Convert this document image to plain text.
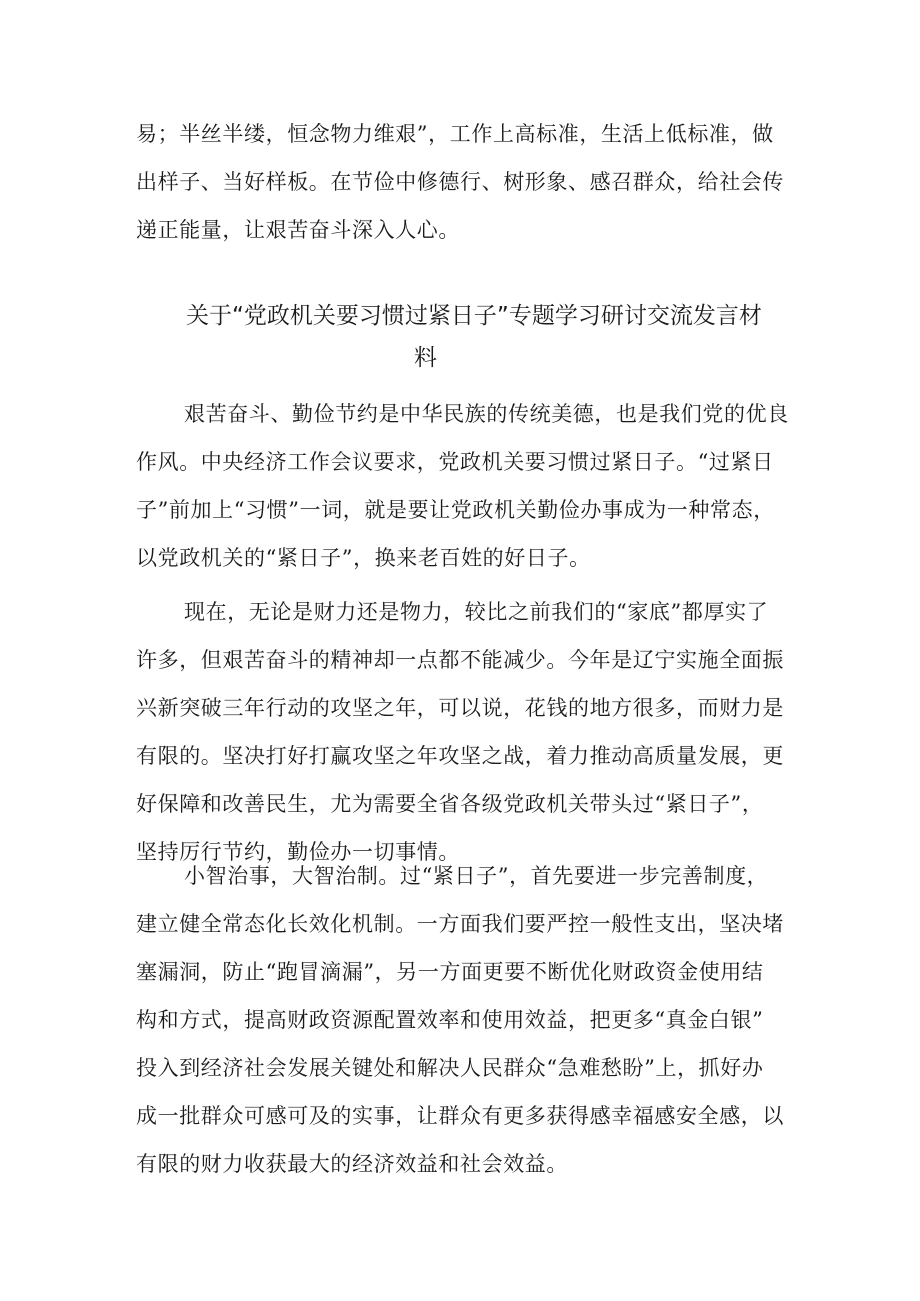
易；半丝半缕，恒念物力维艰”，工作上高标准，生活上低标准，做

出样子、当好样板。在节俭中修德行、树形象、感召群众，给社会传

递正能量，让艰苦奋斗深入人心。

关于“党政机关要习惯过紧日子”专题学习研讨交流发言材

料

艰苦奋斗、勤俭节约是中华民族的传统美德，也是我们党的优良

作风。中央经济工作会议要求，党政机关要习惯过紧日子。“过紧日

子”前加上“习惯”一词，就是要让党政机关勤俭办事成为一种常态，

以党政机关的“紧日子”，换来老百姓的好日子。

现在，无论是财力还是物力，较比之前我们的“家底”都厚实了

许多，但艰苦奋斗的精神却一点都不能减少。今年是辽宁实施全面振

兴新突破三年行动的攻坚之年，可以说，花钱的地方很多，而财力是

有限的。坚决打好打赢攻坚之年攻坚之战，着力推动高质量发展，更

好保障和改善民生，尤为需要全省各级党政机关带头过“紧日子”，

坚持厉行节约，勤俭办一切事情。

小智治事，大智治制。过“紧日子”，首先要进一步完善制度，

建立健全常态化长效化机制。一方面我们要严控一般性支出，坚决堵

塞漏洞，防止“跑冒滴漏”，另一方面更要不断优化财政资金使用结

构和方式，提高财政资源配置效率和使用效益，把更多“真金白银”

投入到经济社会发展关键处和解决人民群众“急难愁盼”上，抓好办

成一批群众可感可及的实事，让群众有更多获得感幸福感安全感，以

有限的财力收获最大的经济效益和社会效益。
